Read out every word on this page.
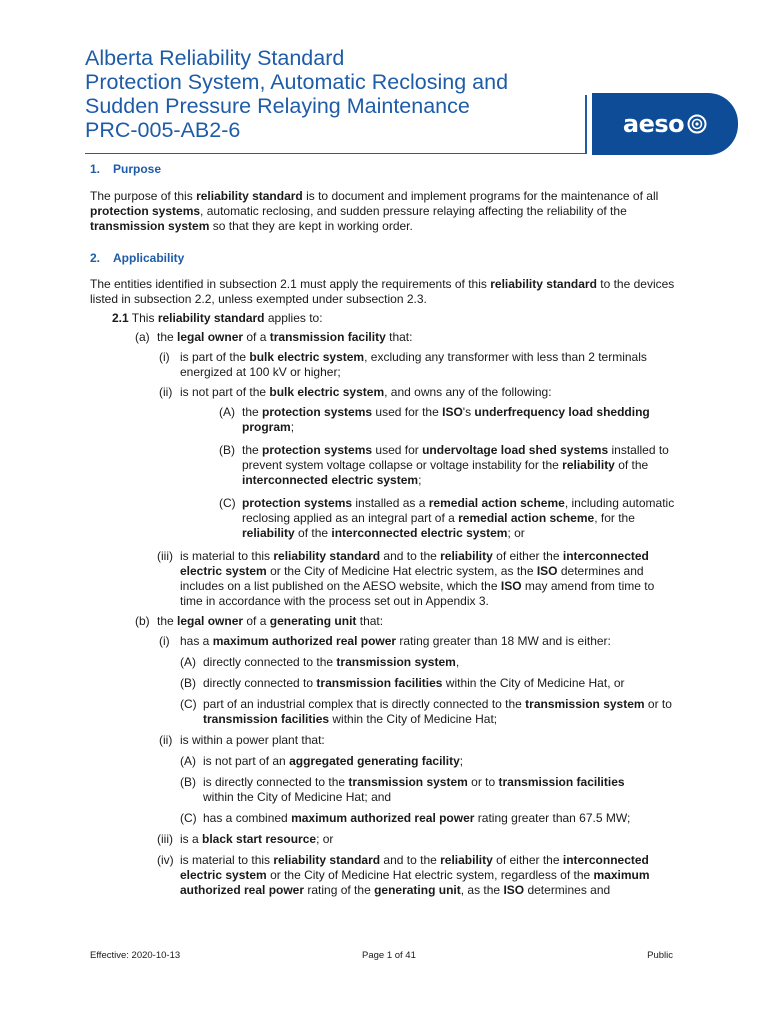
Alberta Reliability Standard
Protection System, Automatic Reclosing and
Sudden Pressure Relaying Maintenance
PRC-005-AB2-6	aeso
1. Purpose

The purpose of this reliability standard is to document and implement programs for the maintenance of all protection systems, automatic reclosing, and sudden pressure relaying affecting the reliability of the transmission system so that they are kept in working order.

2. Applicability

The entities identified in subsection 2.1 must apply the requirements of this reliability standard to the devices listed in subsection 2.2, unless exempted under subsection 2.3.

2.1 This reliability standard applies to:

(a) the legal owner of a transmission facility that:
(i) is part of the bulk electric system, excluding any transformer with less than 2 terminals energized at 100 kV or higher;
(ii) is not part of the bulk electric system, and owns any of the following:
(A) the protection systems used for the ISO's underfrequency load shedding program;
(B) the protection systems used for undervoltage load shed systems installed to prevent system voltage collapse or voltage instability for the reliability of the interconnected electric system;
(C) protection systems installed as a remedial action scheme, including automatic reclosing applied as an integral part of a remedial action scheme, for the reliability of the interconnected electric system; or
(iii) is material to this reliability standard and to the reliability of either the interconnected electric system or the City of Medicine Hat electric system, as the ISO determines and includes on a list published on the AESO website, which the ISO may amend from time to time in accordance with the process set out in Appendix 3.
(b) the legal owner of a generating unit that:
(i) has a maximum authorized real power rating greater than 18 MW and is either:
(A) directly connected to the transmission system,
(B) directly connected to transmission facilities within the City of Medicine Hat, or
(C) part of an industrial complex that is directly connected to the transmission system or to transmission facilities within the City of Medicine Hat;
(ii) is within a power plant that:
(A) is not part of an aggregated generating facility;
(B) is directly connected to the transmission system or to transmission facilities within the City of Medicine Hat; and
(C) has a combined maximum authorized real power rating greater than 67.5 MW;
(iii) is a black start resource; or
(iv) is material to this reliability standard and to the reliability of either the interconnected electric system or the City of Medicine Hat electric system, regardless of the maximum authorized real power rating of the generating unit, as the ISO determines and
Effective: 2020-10-13	Page 1 of 41	Public
